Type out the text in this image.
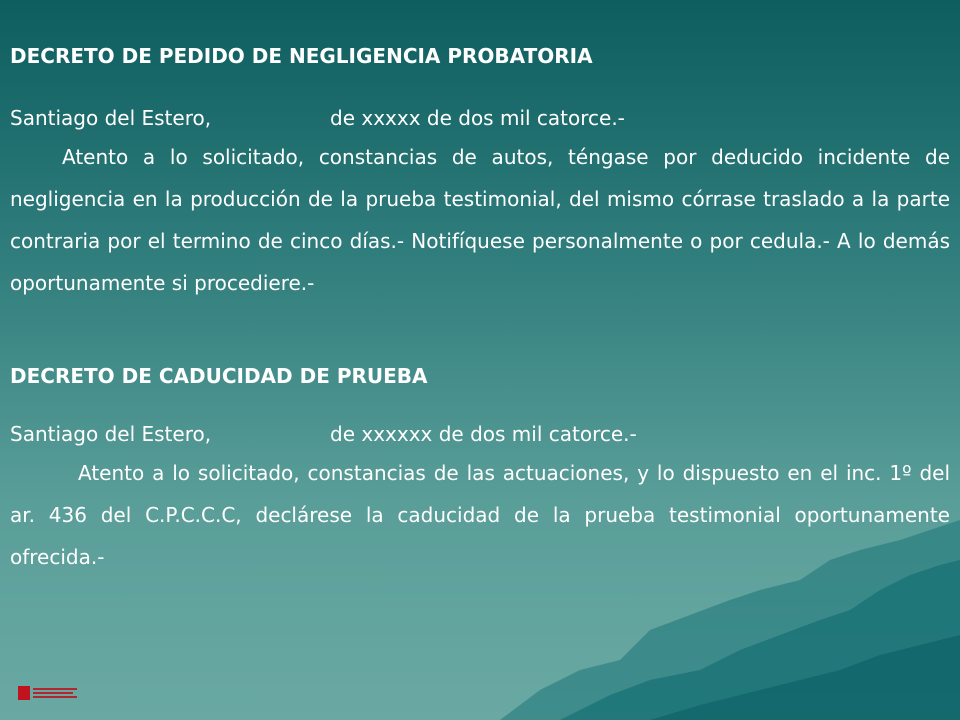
DECRETO DE PEDIDO DE NEGLIGENCIA PROBATORIA

Santiago del Estero,	de xxxxx de dos mil catorce.-

Atento a lo solicitado, constancias de autos, téngase por deducido incidente de negligencia en la producción de la prueba testimonial, del mismo córrase traslado a la parte contraria por el termino de cinco días.- Notifíquese personalmente o por cedula.- A lo demás oportunamente si procediere.-

DECRETO DE CADUCIDAD DE PRUEBA

Santiago del Estero,	de xxxxxx de dos mil catorce.-

Atento a lo solicitado, constancias de las actuaciones, y lo dispuesto en el inc. 1º del ar. 436 del C.P.C.C.C, declárese la caducidad de la prueba testimonial oportunamente ofrecida.-
